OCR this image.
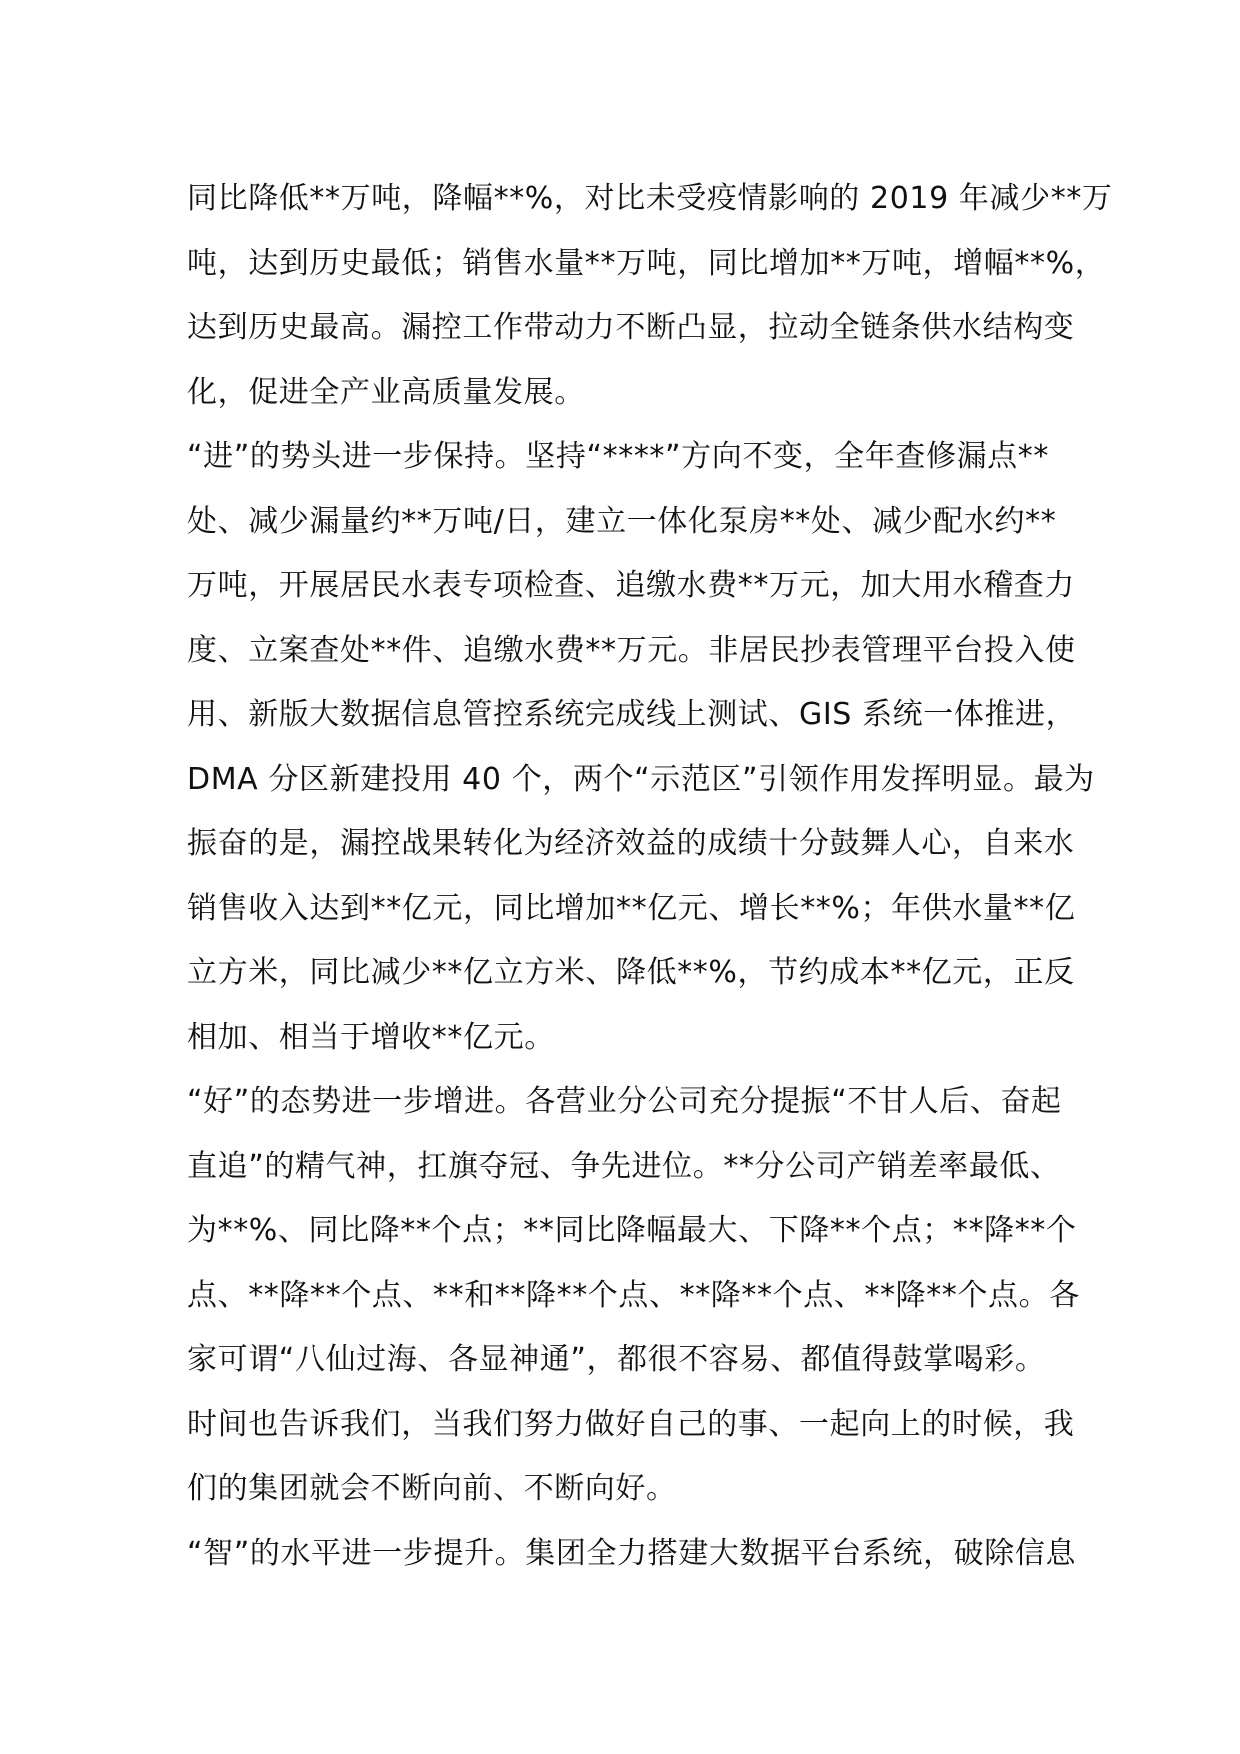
同比降低**万吨，降幅**%，对比未受疫情影响的 2019 年减少**万
吨，达到历史最低；销售水量**万吨，同比增加**万吨，增幅**%，
达到历史最高。漏控工作带动力不断凸显，拉动全链条供水结构变
化，促进全产业高质量发展。
“进”的势头进一步保持。坚持“****”方向不变，全年查修漏点**
处、减少漏量约**万吨/日，建立一体化泵房**处、减少配水约**
万吨，开展居民水表专项检查、追缴水费**万元，加大用水稽查力
度、立案查处**件、追缴水费**万元。非居民抄表管理平台投入使
用、新版大数据信息管控系统完成线上测试、GIS 系统一体推进，
DMA 分区新建投用 40 个，两个“示范区”引领作用发挥明显。最为
振奋的是，漏控战果转化为经济效益的成绩十分鼓舞人心，自来水
销售收入达到**亿元，同比增加**亿元、增长**%；年供水量**亿
立方米，同比减少**亿立方米、降低**%，节约成本**亿元，正反
相加、相当于增收**亿元。
“好”的态势进一步增进。各营业分公司充分提振“不甘人后、奋起
直追”的精气神，扛旗夺冠、争先进位。**分公司产销差率最低、
为**%、同比降**个点；**同比降幅最大、下降**个点；**降**个
点、**降**个点、**和**降**个点、**降**个点、**降**个点。各
家可谓“八仙过海、各显神通”，都很不容易、都值得鼓掌喝彩。
时间也告诉我们，当我们努力做好自己的事、一起向上的时候，我
们的集团就会不断向前、不断向好。
“智”的水平进一步提升。集团全力搭建大数据平台系统，破除信息
